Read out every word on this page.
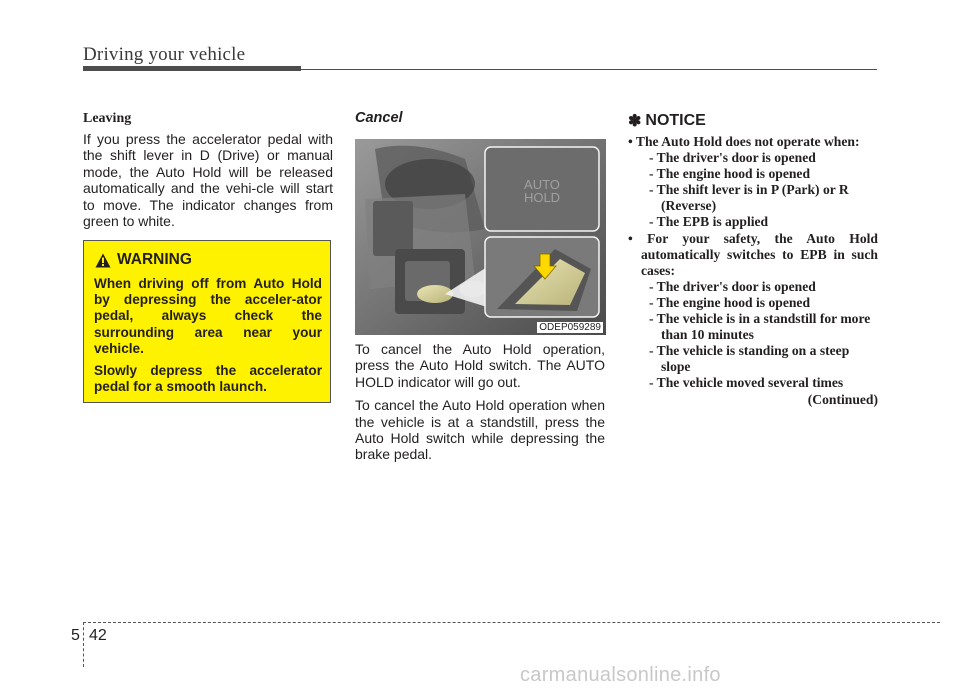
Driving your vehicle
Leaving
If you press the accelerator pedal with the shift lever in D (Drive) or manual mode, the Auto Hold will be released automatically and the vehi-cle will start to move. The indicator changes from green to white.
WARNING

When driving off from Auto Hold by depressing the acceler-ator pedal, always check the surrounding area near your vehicle.

Slowly depress the accelerator pedal for a smooth launch.

Cancel
AUTO
HOLD
ODEP059289

To cancel the Auto Hold operation, press the Auto Hold switch. The AUTO HOLD indicator will go out.

To cancel the Auto Hold operation when the vehicle is at a standstill, press the Auto Hold switch while depressing the brake pedal.

✽ NOTICE
• The Auto Hold does not operate when:
- The driver's door is opened
- The engine hood is opened
- The shift lever is in P (Park) or R (Reverse)
- The EPB is applied
• For your safety, the Auto Hold automatically switches to EPB in such cases:
- The driver's door is opened
- The engine hood is opened
- The vehicle is in a standstill for more than 10 minutes
- The vehicle is standing on a steep slope
- The vehicle moved several times
(Continued)
5 42
carmanualsonline.info
